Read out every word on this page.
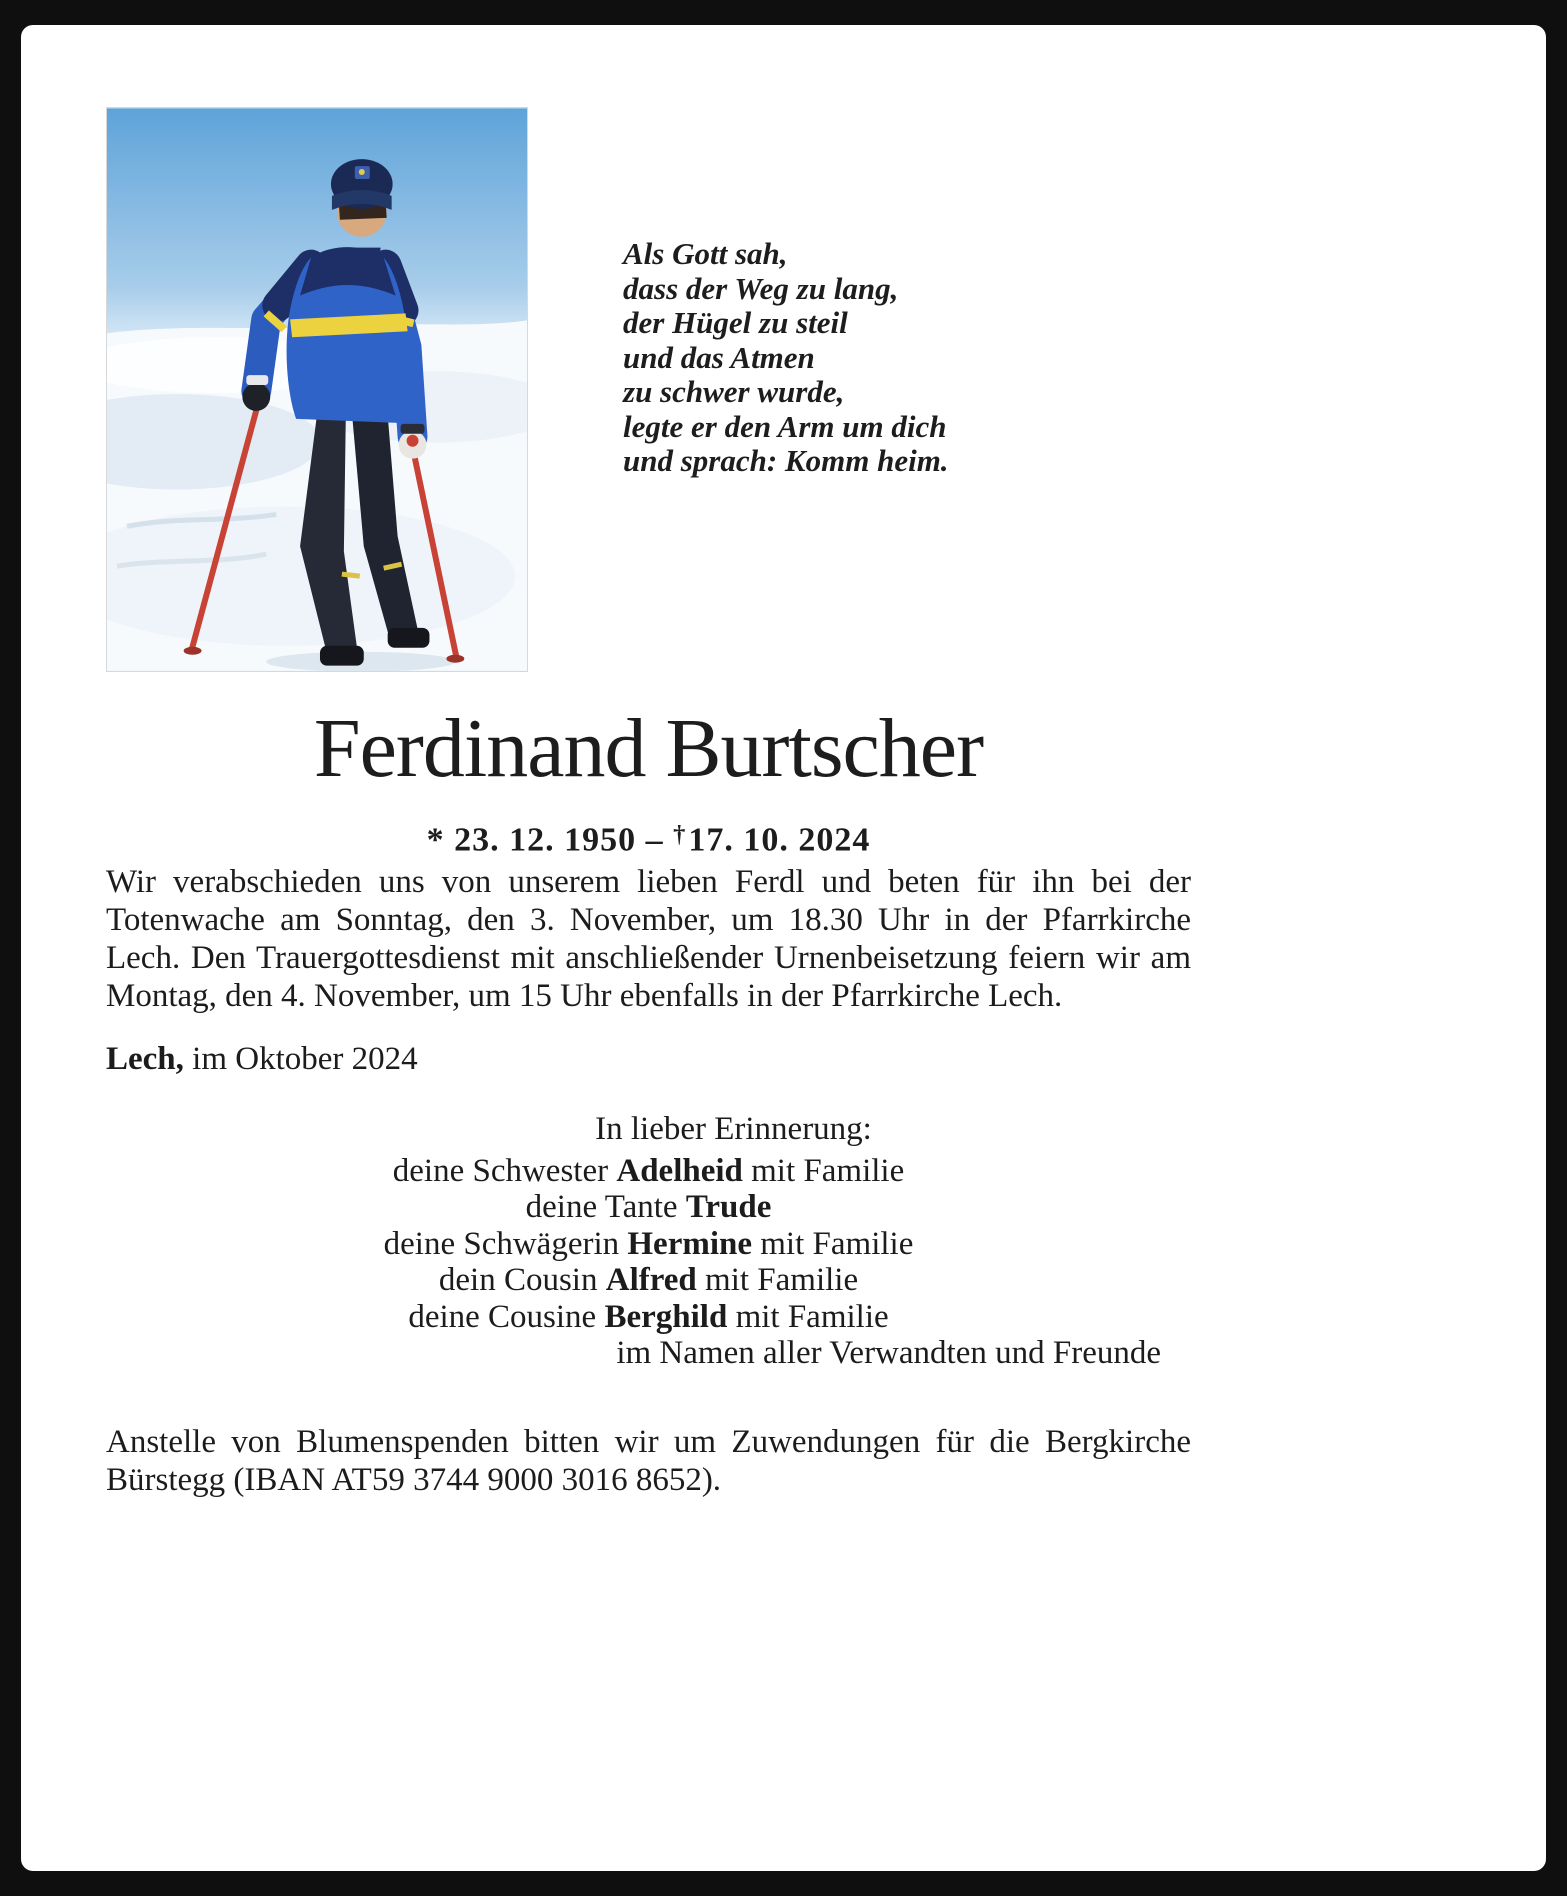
Als Gott sah,
dass der Weg zu lang,
der Hügel zu steil
und das Atmen
zu schwer wurde,
legte er den Arm um dich
und sprach: Komm heim.
Ferdinand Burtscher
* 23. 12. 1950 – †17. 10. 2024

Wir verabschieden uns von unserem lieben Ferdl und beten für ihn bei der Totenwache am Sonntag, den 3. November, um 18.30 Uhr in der Pfarrkirche Lech. Den Trauergottesdienst mit anschließender Urnenbeisetzung feiern wir am Montag, den 4. November, um 15 Uhr ebenfalls in der Pfarrkirche Lech.

Lech, im Oktober 2024
In lieber Erinnerung:
deine Schwester Adelheid mit Familie
deine Tante Trude
deine Schwägerin Hermine mit Familie
dein Cousin Alfred mit Familie
deine Cousine Berghild mit Familie
im Namen aller Verwandten und Freunde

Anstelle von Blumenspenden bitten wir um Zuwendungen für die Bergkirche Bürstegg (IBAN AT59 3744 9000 3016 8652).
